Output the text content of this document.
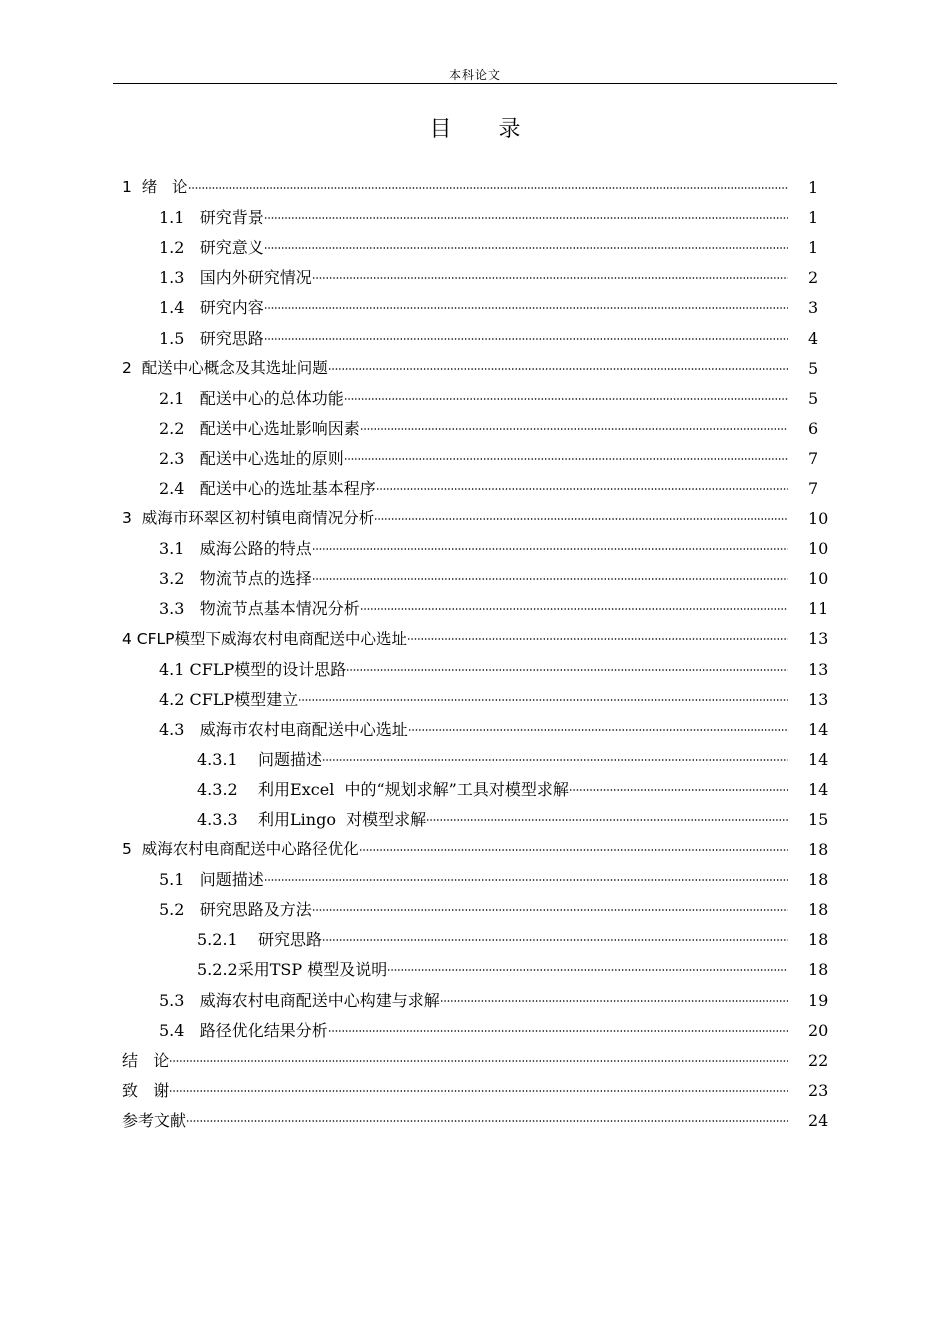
本科论文
目 录
1  绪   论	1
1.1   研究背景	1
1.2   研究意义	1
1.3   国内外研究情况	2
1.4   研究内容	3
1.5   研究思路	4
2  配送中心概念及其选址问题	5
2.1   配送中心的总体功能	5
2.2   配送中心选址影响因素	6
2.3   配送中心选址的原则	7
2.4   配送中心的选址基本程序	7
3  威海市环翠区初村镇电商情况分析	10
3.1   威海公路的特点	10
3.2   物流节点的选择	10
3.3   物流节点基本情况分析	11
4 CFLP模型下威海农村电商配送中心选址	13
4.1 CFLP模型的设计思路	13
4.2 CFLP模型建立	13
4.3   威海市农村电商配送中心选址	14
4.3.1    问题描述	14
4.3.2    利用Excel  中的“规划求解”工具对模型求解	14
4.3.3    利用Lingo  对模型求解	15
5  威海农村电商配送中心路径优化	18
5.1   问题描述	18
5.2   研究思路及方法	18
5.2.1    研究思路	18
5.2.2采用TSP 模型及说明	18
5.3   威海农村电商配送中心构建与求解	19
5.4   路径优化结果分析	20
结   论	22
致   谢	23
参考文献	24
